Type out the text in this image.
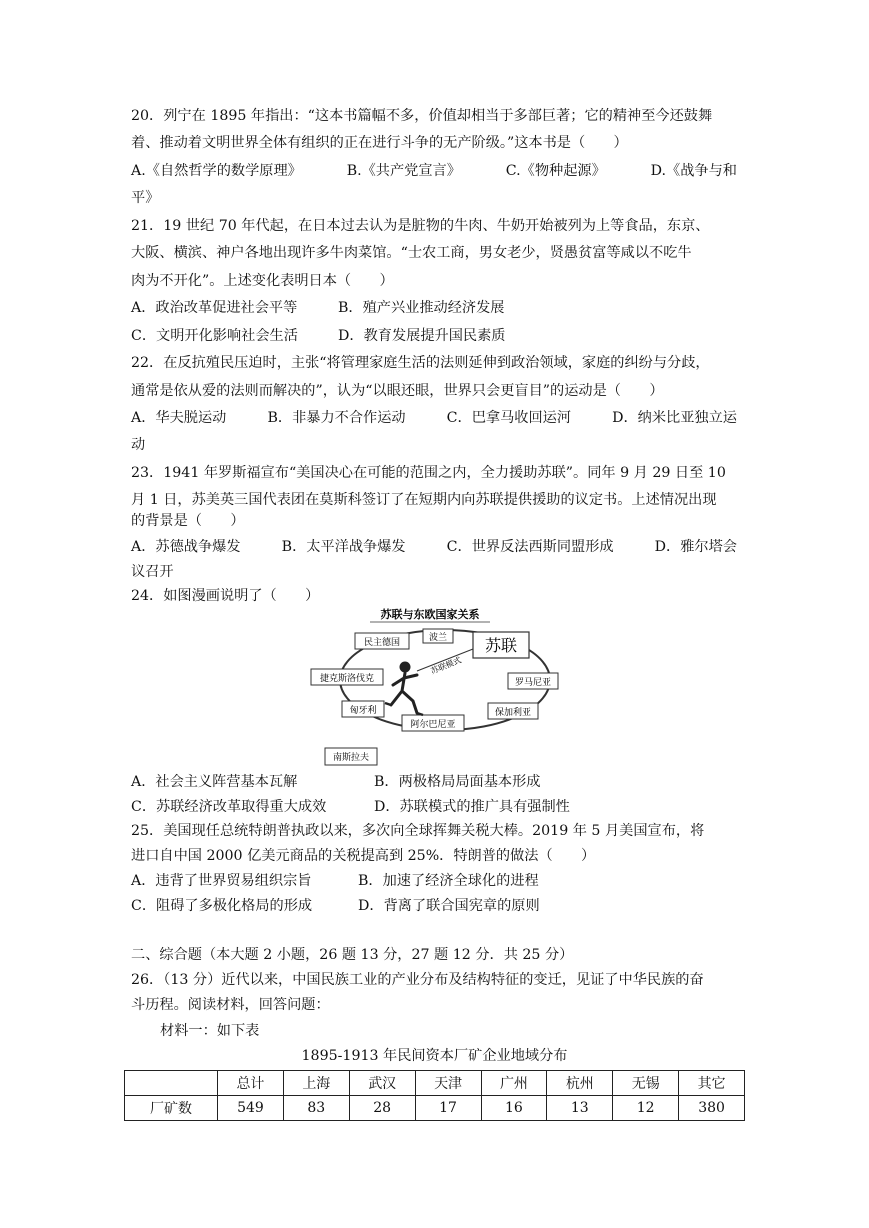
20．列宁在 1895 年指出：“这本书篇幅不多，价值却相当于多部巨著；它的精神至今还鼓舞
着、推动着文明世界全体有组织的正在进行斗争的无产阶级。”这本书是（　　）
A.《自然哲学的数学原理》	B.《共产党宣言》	C.《物种起源》	D.《战争与和
平》
21．19 世纪 70 年代起，在日本过去认为是脏物的牛肉、牛奶开始被列为上等食品，东京、
大阪、横滨、神户各地出现许多牛肉菜馆。“士农工商，男女老少，贤愚贫富等咸以不吃牛
肉为不开化”。上述变化表明日本（　　）
A．政治改革促进社会平等	B．殖产兴业推动经济发展
C．文明开化影响社会生活	D．教育发展提升国民素质
22．在反抗殖民压迫时，主张“将管理家庭生活的法则延伸到政治领域，家庭的纠纷与分歧，
通常是依从爱的法则而解决的”，认为“以眼还眼，世界只会更盲目”的运动是（　　）
A．华夫脱运动	B．非暴力不合作运动	C．巴拿马收回运河	D．纳米比亚独立运
动
23．1941 年罗斯福宣布“美国决心在可能的范围之内，全力援助苏联”。同年 9 月 29 日至 10
月 1 日，苏美英三国代表团在莫斯科签订了在短期内向苏联提供援助的议定书。上述情况出现
的背景是（　　）
A．苏德战争爆发	B．太平洋战争爆发	C．世界反法西斯同盟形成	D．雅尔塔会
议召开
24．如图漫画说明了（　　）
苏联与东欧国家关系
民主德国	波兰 苏联
捷克斯洛伐克	罗马尼亚
匈牙利	保加利亚
阿尔巴尼亚
南斯拉夫
苏联模式
A．社会主义阵营基本瓦解	B．两极格局局面基本形成
C．苏联经济改革取得重大成效	D．苏联模式的推广具有强制性
25．美国现任总统特朗普执政以来，多次向全球挥舞关税大棒。2019 年 5 月美国宣布，将
进口自中国 2000 亿美元商品的关税提高到 25%．特朗普的做法（　　）
A．违背了世界贸易组织宗旨	B．加速了经济全球化的进程
C．阻碍了多极化格局的形成	D．背离了联合国宪章的原则
二、综合题（本大题 2 小题，26 题 13 分，27 题 12 分．共 25 分）
26．（13 分）近代以来，中国民族工业的产业分布及结构特征的变迁，见证了中华民族的奋
斗历程。阅读材料，回答问题：
材料一：如下表
1895-1913 年民间资本厂矿企业地域分布
	总计	上海	武汉	天津	广州	杭州	无锡	其它
厂矿数	549	83	28	17	16	13	12	380
